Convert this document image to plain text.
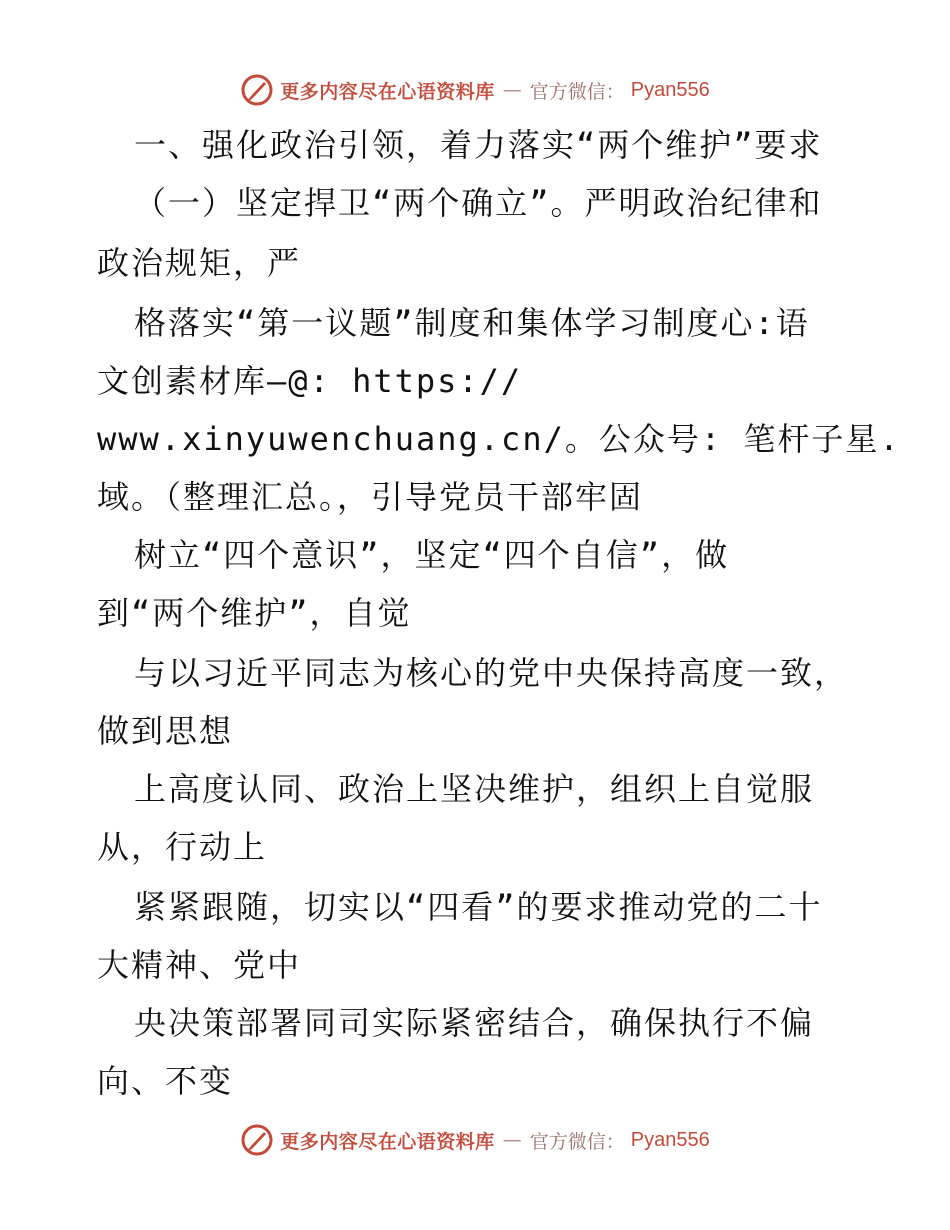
更多内容尽在心语资料库 — 官方微信： Pyan556
一、强化政治引领，着力落实“两个维护”要求
（一）坚定捍卫“两个确立”。严明政治纪律和
政治规矩，严
格落实“第一议题”制度和集体学习制度心:语
文创素材库—@: https://
www.xinyuwenchuang.cn/。公众号: 笔杆子星.
域。（整理汇总。，引导党员干部牢固
树立“四个意识”，坚定“四个自信”，做
到“两个维护”，自觉
与以习近平同志为核心的党中央保持高度一致，
做到思想
上高度认同、政治上坚决维护，组织上自觉服
从，行动上
紧紧跟随，切实以“四看”的要求推动党的二十
大精神、党中
央决策部署同司实际紧密结合，确保执行不偏
向、不变
更多内容尽在心语资料库 — 官方微信： Pyan556
